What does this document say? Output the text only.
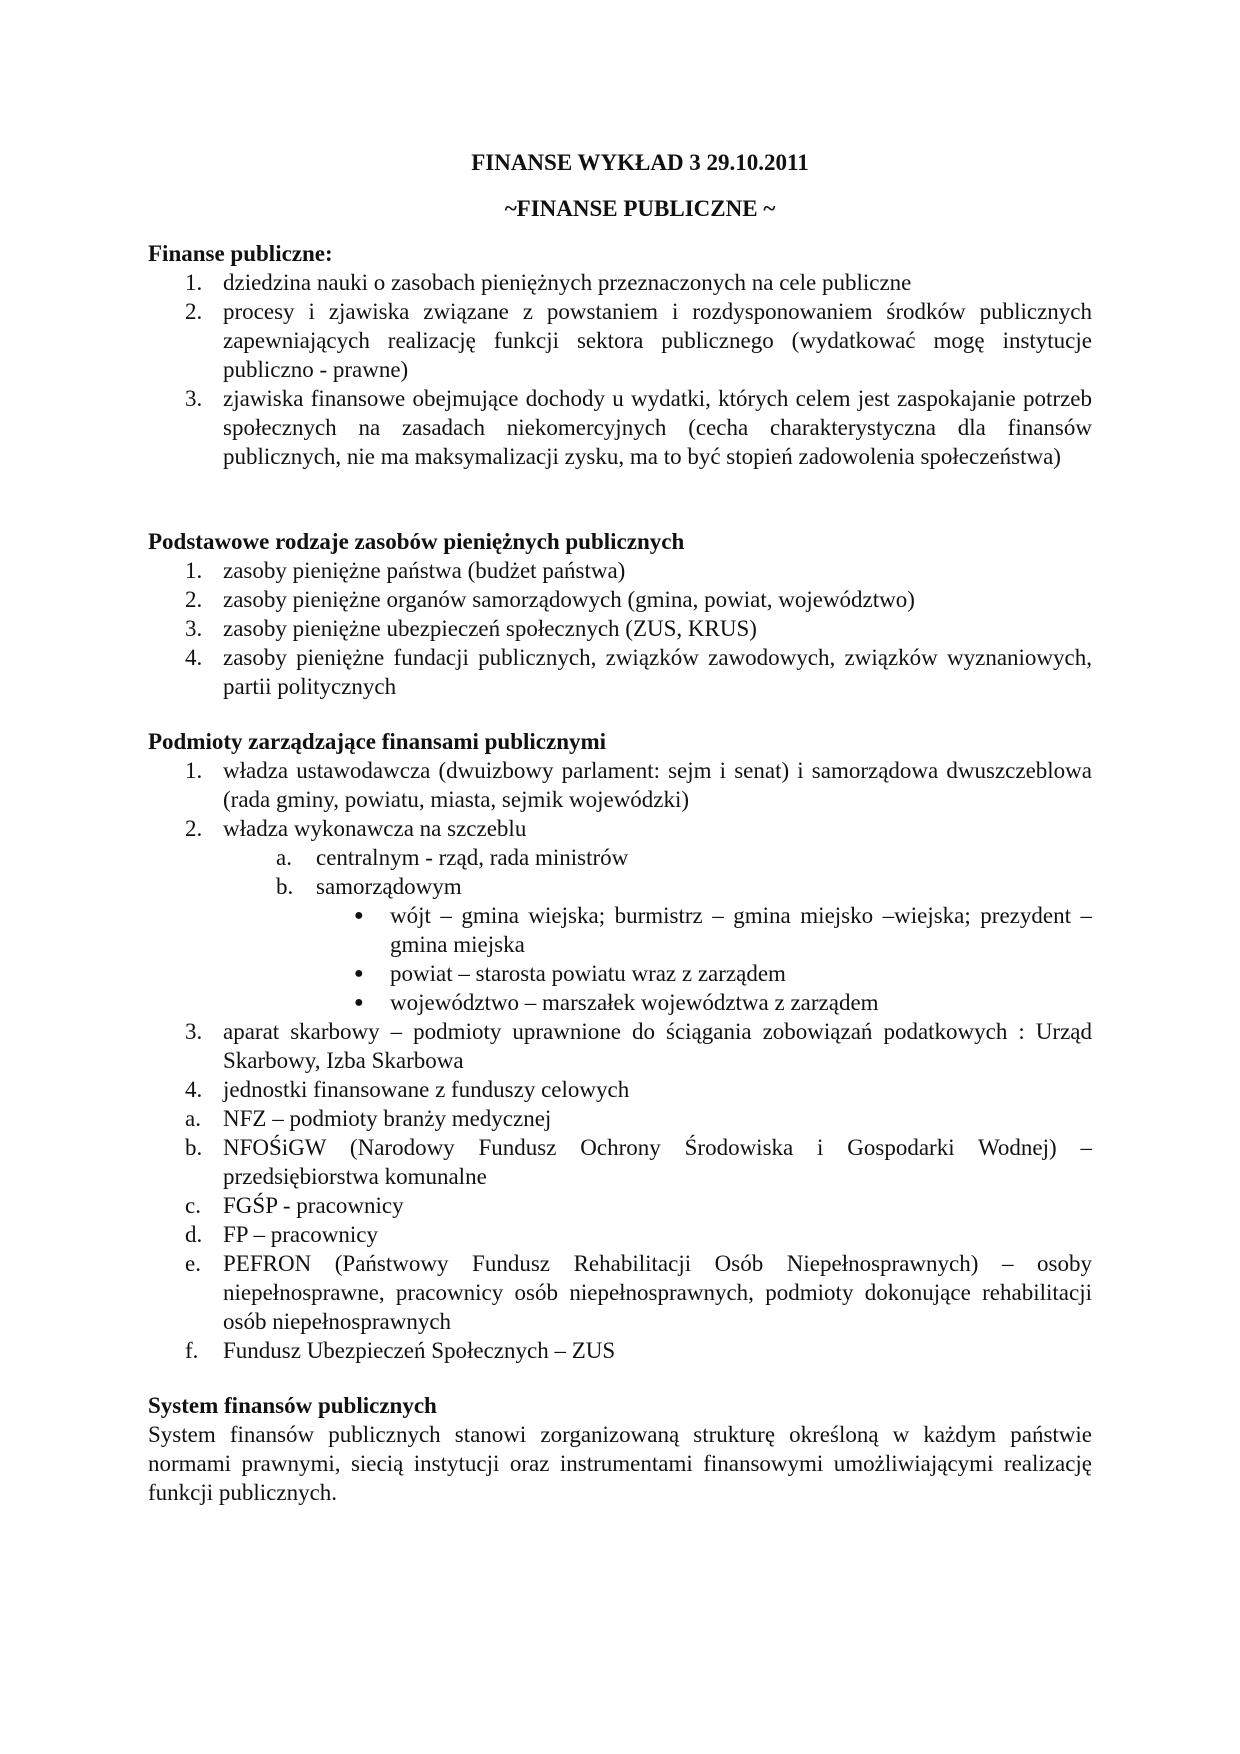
FINANSE WYKŁAD 3 29.10.2011
~FINANSE PUBLICZNE ~
Finanse publiczne:
1. dziedzina nauki o zasobach pieniężnych przeznaczonych na cele publiczne
2. procesy i zjawiska związane z powstaniem i rozdysponowaniem środków publicznych zapewniających realizację funkcji sektora publicznego (wydatkować mogę instytucje publiczno - prawne)
3. zjawiska finansowe obejmujące dochody u wydatki, których celem jest zaspokajanie potrzeb społecznych na zasadach niekomercyjnych (cecha charakterystyczna dla finansów publicznych, nie ma maksymalizacji zysku, ma to być stopień zadowolenia społeczeństwa)
Podstawowe rodzaje zasobów pieniężnych publicznych
1. zasoby pieniężne państwa (budżet państwa)
2. zasoby pieniężne organów samorządowych (gmina, powiat, województwo)
3. zasoby pieniężne ubezpieczeń społecznych (ZUS, KRUS)
4. zasoby pieniężne fundacji publicznych, związków zawodowych, związków wyznaniowych, partii politycznych
Podmioty zarządzające finansami publicznymi
1. władza ustawodawcza (dwuizbowy parlament: sejm i senat) i samorządowa dwuszczeblowa (rada gminy, powiatu, miasta, sejmik wojewódzki)
2. władza wykonawcza na szczeblu
a. centralnym - rząd, rada ministrów
b. samorządowym
● wójt – gmina wiejska; burmistrz – gmina miejsko –wiejska; prezydent – gmina miejska
● powiat – starosta powiatu wraz z zarządem
● województwo – marszałek województwa z zarządem
3. aparat skarbowy – podmioty uprawnione do ściągania zobowiązań podatkowych : Urząd Skarbowy, Izba Skarbowa
4. jednostki finansowane z funduszy celowych
a. NFZ – podmioty branży medycznej
b. NFOŚiGW (Narodowy Fundusz Ochrony Środowiska i Gospodarki Wodnej) – przedsiębiorstwa komunalne
c. FGŚP - pracownicy
d. FP – pracownicy
e. PEFRON (Państwowy Fundusz Rehabilitacji Osób Niepełnosprawnych) – osoby niepełnosprawne, pracownicy osób niepełnosprawnych, podmioty dokonujące rehabilitacji osób niepełnosprawnych
f. Fundusz Ubezpieczeń Społecznych – ZUS
System finansów publicznych

System finansów publicznych stanowi zorganizowaną strukturę określoną w każdym państwie normami prawnymi, siecią instytucji oraz instrumentami finansowymi umożliwiającymi realizację funkcji publicznych.
